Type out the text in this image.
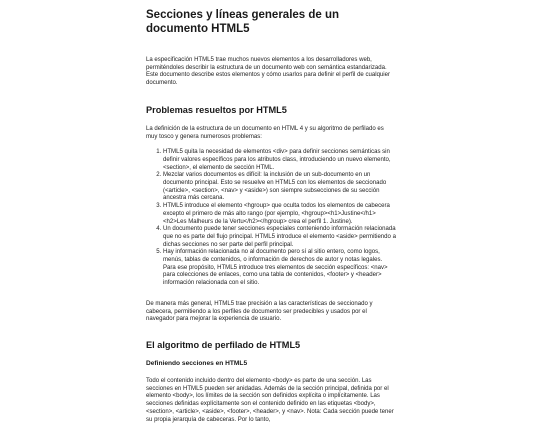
Secciones y líneas generales de un documento HTML5

La especificación HTML5 trae muchos nuevos elementos a los desarrolladores web, permiténdoles describir la estructura de un documento web con semántica estandarizada. Este documento describe estos elementos y cómo usarlos para definir el perfil de cualquier documento.

Problemas resueltos por HTML5

La definición de la estructura de un documento en HTML 4 y su algoritmo de perfilado es muy tosco y genera numerosos problemas:

1. HTML5 quita la necesidad de elementos <div> para definir secciones semánticas sin definir valores específicos para los atributos class, introduciendo un nuevo elemento, <section>, el elemento de sección HTML.
2. Mezclar varios documentos es difícil: la inclusión de un sub-documento en un documento principal. Esto se resuelve en HTML5 con los elementos de seccionado (<article>, <section>, <nav> y <aside>) son siempre subsecciones de su sección ancestra más cercana.
3. HTML5 introduce el elemento <hgroup> que oculta todos los elementos de cabecera excepto el primero de más alto rango (por ejemplo, <hgroup><h1>Justine</h1><h2>Les Malheurs de la Vertu</h2></hgroup> crea el perfil 1. Justine).
4. Un documento puede tener secciones especiales conteniendo información relacionada que no es parte del flujo principal. HTML5 introduce el elemento <aside> permitiendo a dichas secciones no ser parte del perfil principal.
5. Hay información relacionada no al documento pero sí al sitio entero, como logos, menús, tablas de contenidos, o información de derechos de autor y notas legales. Para ese propósito, HTML5 introduce tres elementos de sección específicos: <nav> para colecciones de enlaces, como una tabla de contenidos, <footer> y <header> información relacionada con el sitio.

De manera más general, HTML5 trae precisión a las características de seccionado y cabecera, permitiendo a los perfiles de documento ser predecibles y usados por el navegador para mejorar la experiencia de usuario.

El algoritmo de perfilado de HTML5
Definiendo secciones en HTML5

Todo el contenido incluido dentro del elemento <body> es parte de una sección. Las secciones en HTML5 pueden ser anidadas. Además de la sección principal, definida por el elemento <body>, los límites de la sección son definidos explícita o implícitamente. Las secciones definidas explícitamente son el contenido definido en las etiquetas <body>, <section>, <article>, <aside>, <footer>, <header>, y <nav>. Nota: Cada sección puede tener su propia jerarquía de cabeceras. Por lo tanto,
